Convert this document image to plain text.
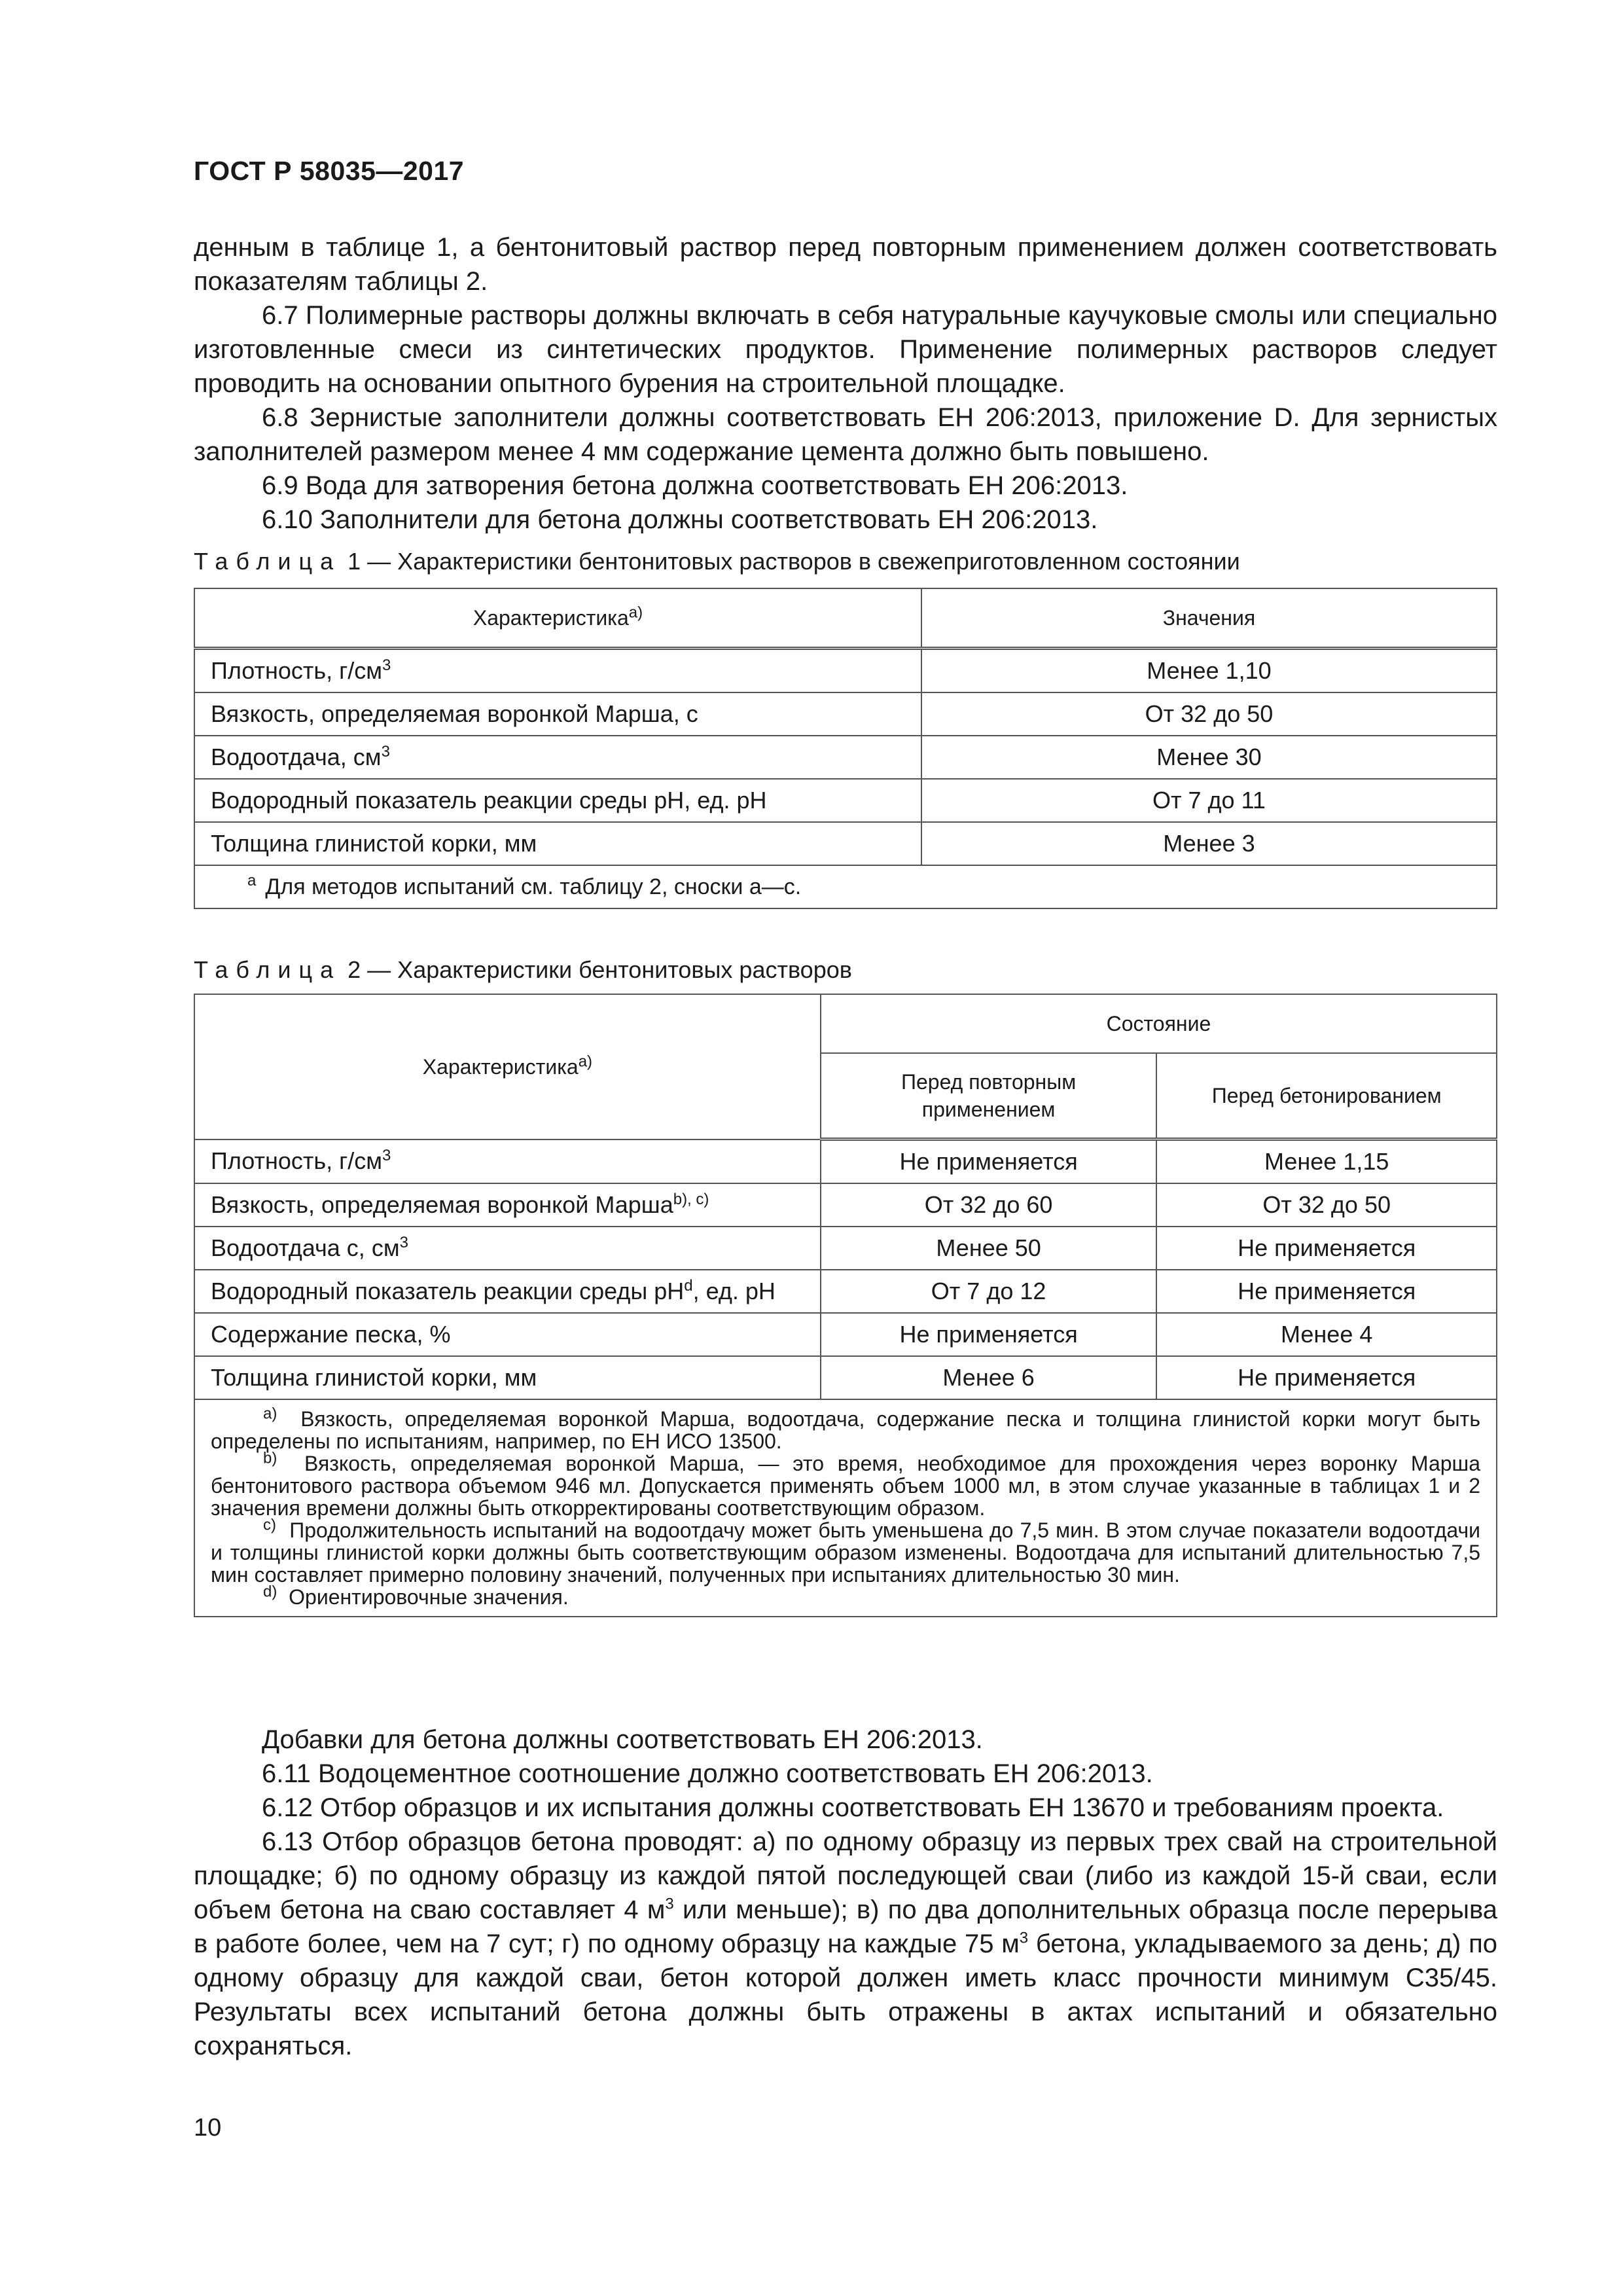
ГОСТ Р 58035—2017

денным в таблице 1, а бентонитовый раствор перед повторным применением должен соответствовать показателям таблицы 2.

6.7 Полимерные растворы должны включать в себя натуральные каучуковые смолы или специально изготовленные смеси из синтетических продуктов. Применение полимерных растворов следует проводить на основании опытного бурения на строительной площадке.

6.8 Зернистые заполнители должны соответствовать ЕН 206:2013, приложение D. Для зернистых заполнителей размером менее 4 мм содержание цемента должно быть повышено.

6.9 Вода для затворения бетона должна соответствовать ЕН 206:2013.

6.10 Заполнители для бетона должны соответствовать ЕН 206:2013.

Таблица 1 — Характеристики бентонитовых растворов в свежеприготовленном состоянии
Характеристика$^{а)}$	Значения
Плотность, $г/см^3$	Менее 1,10
Вязкость, определяемая воронкой Марша, с	От 32 до 50
Водоотдача, $см^3$	Менее 30
Водородный показатель реакции среды pH, ед. pH	От 7 до 11
Толщина глинистой корки, мм	Менее 3
$^а$ Для методов испытаний см. таблицу 2, сноски а—с.	
Таблица 2 — Характеристики бентонитовых растворов
Характеристика$^{а)}$	Состояние	
	Перед повторным применением	Перед бетонированием
Плотность, $г/см^3$	Не применяется	Менее 1,15
Вязкость, определяемая воронкой Марша$^{b), c)}$	От 32 до 60	От 32 до 50
Водоотдача с, $см^3$	Менее 50	Не применяется
Водородный показатель реакции среды $pH^d$, ед. pH	От 7 до 12	Не применяется
Содержание песка, %	Не применяется	Менее 4
Толщина глинистой корки, мм	Менее 6	Не применяется

$^{а)}$ Вязкость, определяемая воронкой Марша, водоотдача, содержание песка и толщина глинистой корки могут быть определены по испытаниям, например, по ЕН ИСО 13500.

$^{b)}$ Вязкость, определяемая воронкой Марша, — это время, необходимое для прохождения через воронку Марша бентонитового раствора объемом 946 мл. Допускается применять объем 1000 мл, в этом случае указанные в таблицах 1 и 2 значения времени должны быть откорректированы соответствующим образом.

$^{c)}$ Продолжительность испытаний на водоотдачу может быть уменьшена до 7,5 мин. В этом случае показатели водоотдачи и толщины глинистой корки должны быть соответствующим образом изменены. Водоотдача для испытаний длительностью 7,5 мин составляет примерно половину значений, полученных при испытаниях длительностью 30 мин.

$^{d)}$ Ориентировочные значения.		

Добавки для бетона должны соответствовать ЕН 206:2013.

6.11 Водоцементное соотношение должно соответствовать ЕН 206:2013.

6.12 Отбор образцов и их испытания должны соответствовать ЕН 13670 и требованиям проекта.

6.13 Отбор образцов бетона проводят: а) по одному образцу из первых трех свай на строительной площадке; б) по одному образцу из каждой пятой последующей сваи (либо из каждой 15-й сваи, если объем бетона на сваю составляет 4 $м^3$ или меньше); в) по два дополнительных образца после перерыва в работе более, чем на 7 сут; г) по одному образцу на каждые 75 $м^3$ бетона, укладываемого за день; д) по одному образцу для каждой сваи, бетон которой должен иметь класс прочности минимум С35/45. Результаты всех испытаний бетона должны быть отражены в актах испытаний и обязательно сохраняться.

10
